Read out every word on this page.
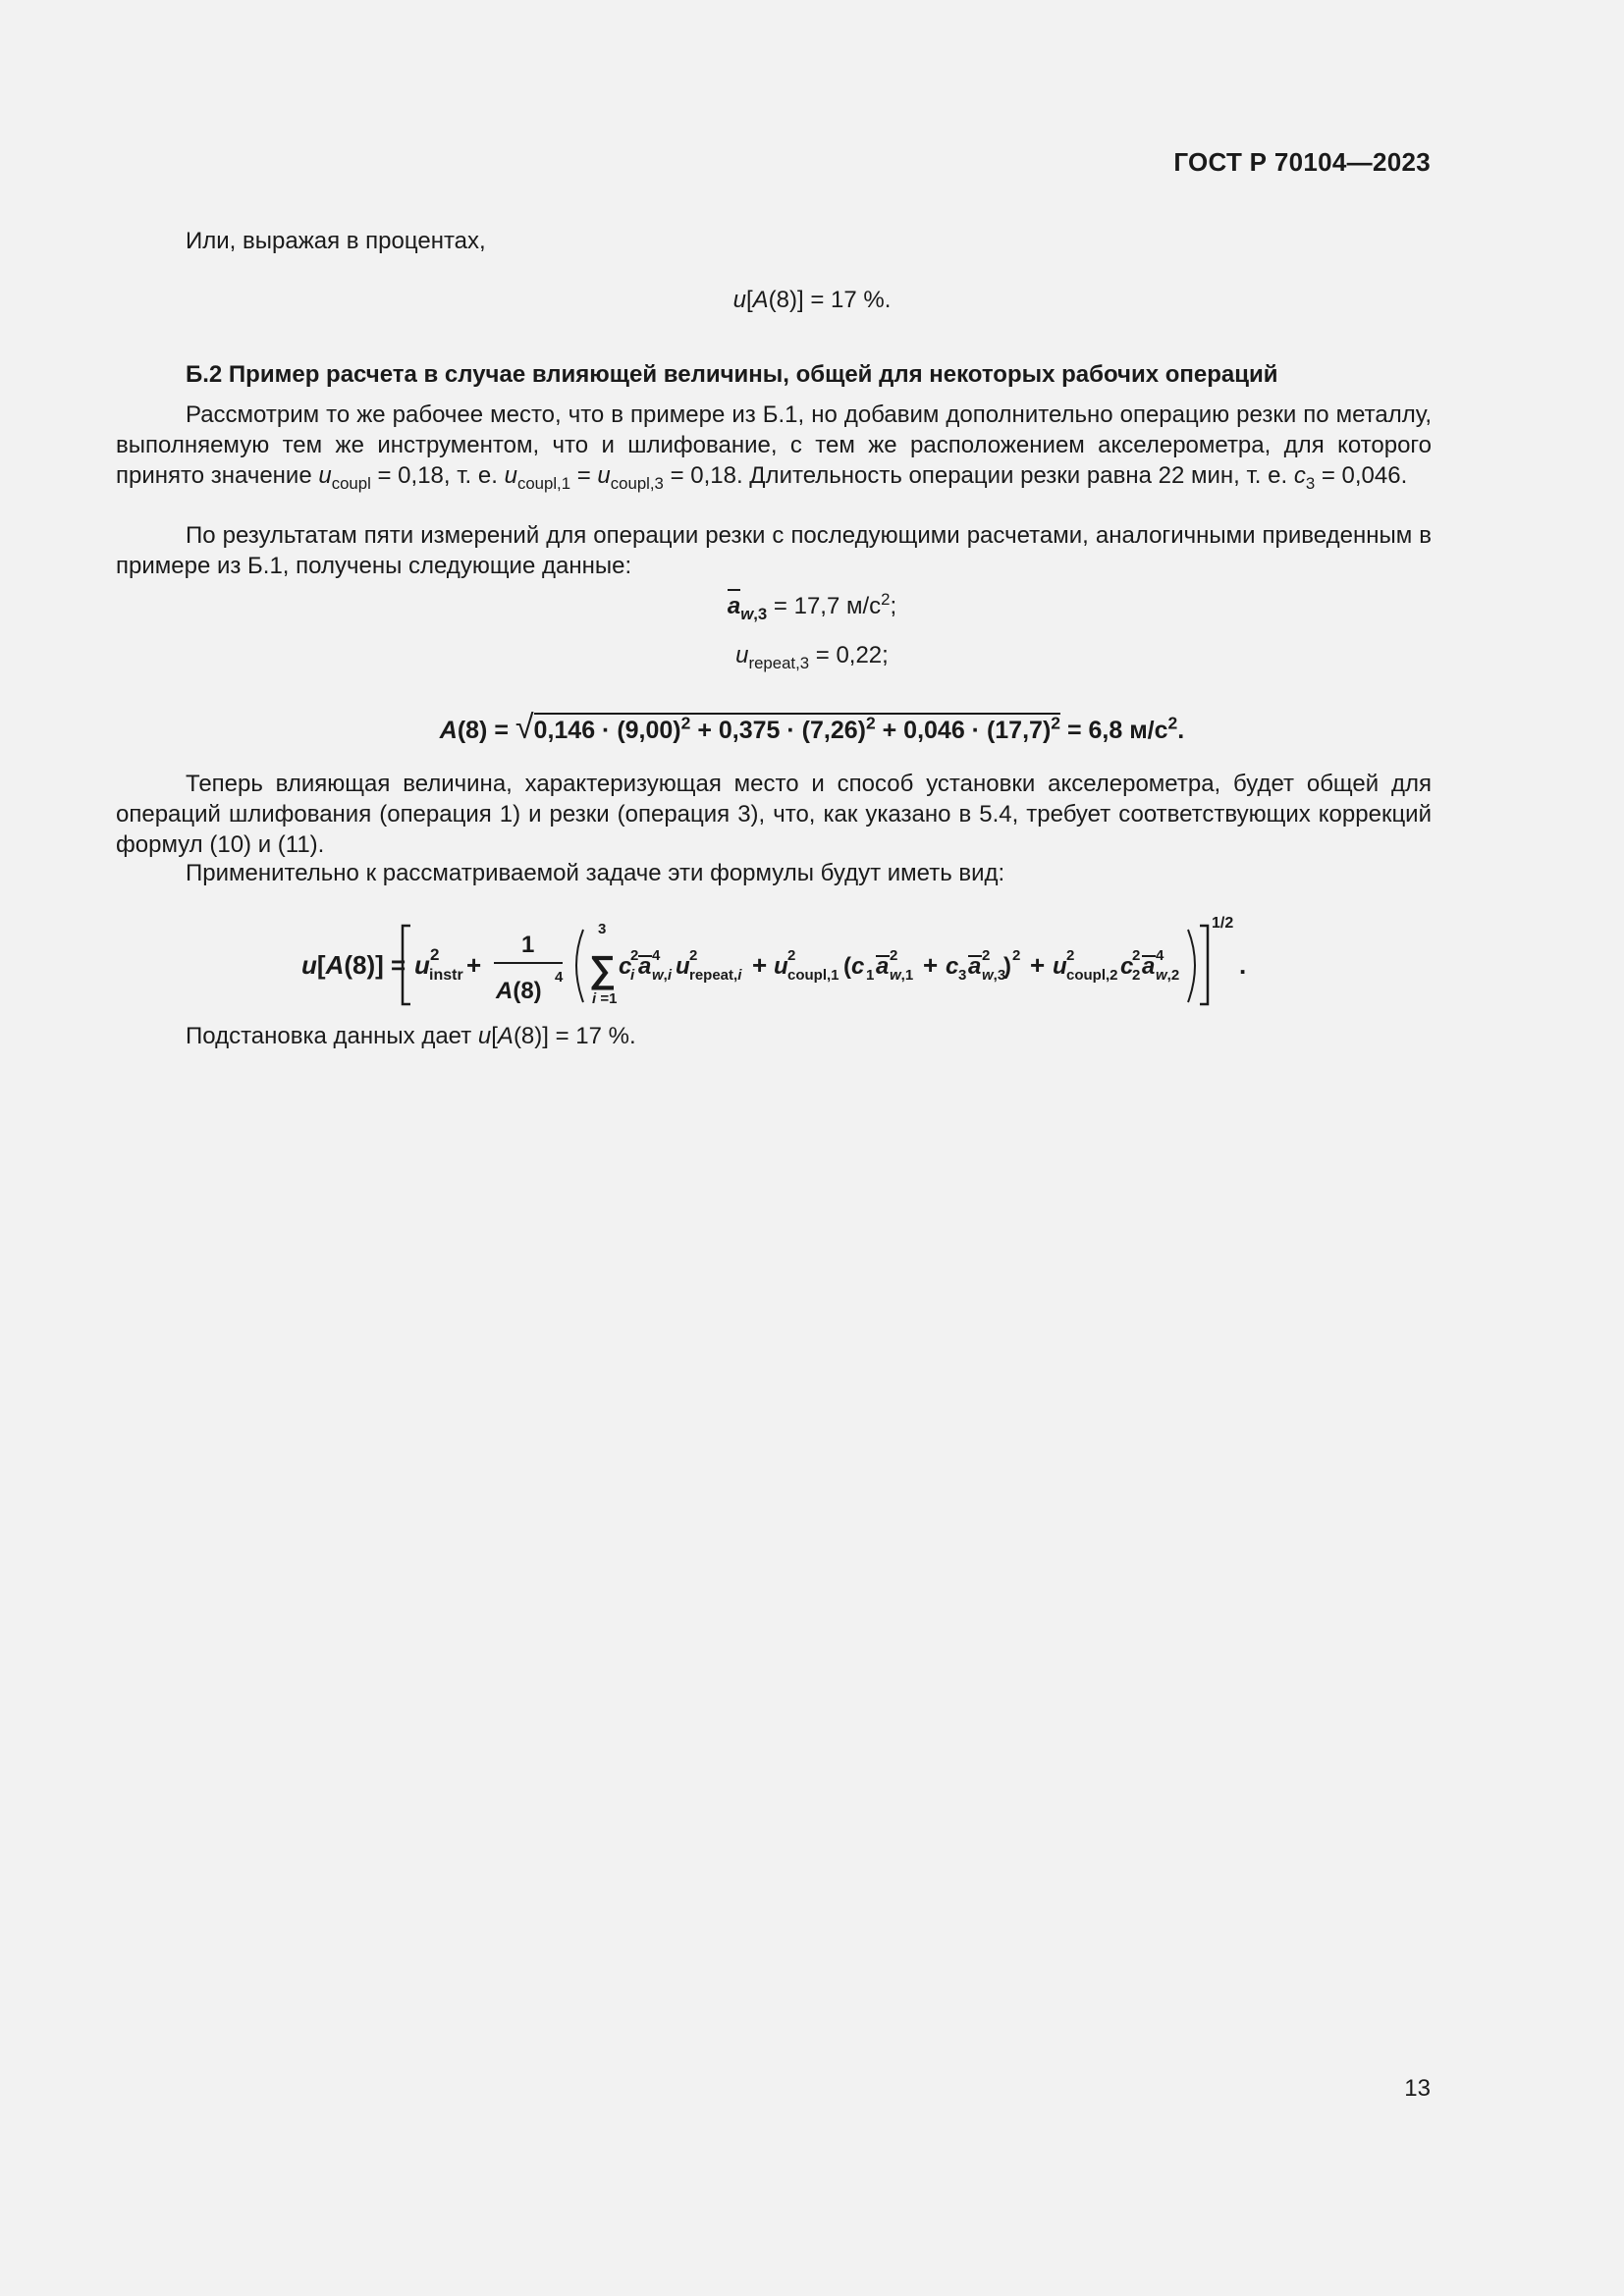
ГОСТ Р 70104—2023
Или, выражая в процентах,
u[A(8)] = 17 %.
Б.2 Пример расчета в случае влияющей величины, общей для некоторых рабочих операций
Рассмотрим то же рабочее место, что в примере из Б.1, но добавим дополнительно операцию резки по металлу, выполняемую тем же инструментом, что и шлифование, с тем же расположением акселерометра, для которого принято значение $u_{coupl} = 0,18$, т. е. $u_{coupl,1} = u_{coupl,3} = 0,18$. Длительность операции резки равна 22 мин, т. е. $c_3 = 0,046$.
По результатам пяти измерений для операции резки с последующими расчетами, аналогичными приведенным в примере из Б.1, получены следующие данные:
$a_{w,3} = 17,7$ $м/с^2$;
$u_{repeat,3} = 0,22$;
$A(8) = √0,146 \cdot (9,00)^2 + 0,375 \cdot (7,26)^2 + 0,046 \cdot (17,7)^2 = 6,8$ $м/с^2$.
Теперь влияющая величина, характеризующая место и способ установки акселерометра, будет общей для операций шлифования (операция 1) и резки (операция 3), что, как указано в 5.4, требует соответствующих коррекций формул (10) и (11).
Применительно к рассматриваемой задаче эти формулы будут иметь вид:
u[A(8)] = u 2
instr +
1
A(8)
4
3
∑
i =1
c
2
i a 4
w,i u 2
repeat,i + u 2
coupl,1 (c 1 a 2
w,1 + c 3 a 2
w,3
) 2 + u 2
coupl,2 c
2
2 a 4
w,2
1/2
.
Подстановка данных дает u[A(8)] = 17 %.
13
